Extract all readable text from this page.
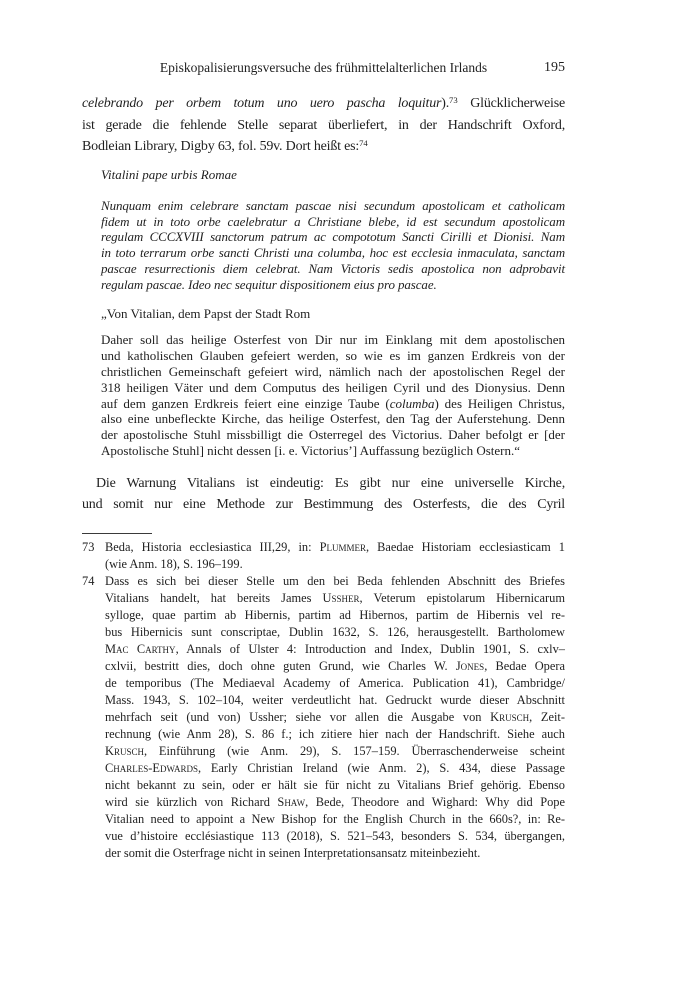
Episkopalisierungsversuche des frühmittelalterlichen Irlands	195
celebrando per orbem totum uno uero pascha loquitur).$^{73}$ Glücklicherweise
ist gerade die fehlende Stelle separat überliefert, in der Handschrift Oxford,
Bodleian Library, Digby 63, fol. 59v. Dort heißt es:$^{74}$
Vitalini pape urbis Romae
Nunquam enim celebrare sanctam pascae nisi secundum apostolicam et catholicam
fidem ut in toto orbe caelebratur a Christiane blebe, id est secundum apostolicam
regulam CCCXVIII sanctorum patrum ac compototum Sancti Cirilli et Dionisi. Nam
in toto terrarum orbe sancti Christi una columba, hoc est ecclesia inmaculata, sanctam
pascae resurrectionis diem celebrat. Nam Victoris sedis apostolica non adprobavit
regulam pascae. Ideo nec sequitur dispositionem eius pro pascae.
„Von Vitalian, dem Papst der Stadt Rom
Daher soll das heilige Osterfest von Dir nur im Einklang mit dem apostolischen
und katholischen Glauben gefeiert werden, so wie es im ganzen Erdkreis von der
christlichen Gemeinschaft gefeiert wird, nämlich nach der apostolischen Regel der
318 heiligen Väter und dem Computus des heiligen Cyril und des Dionysius. Denn
auf dem ganzen Erdkreis feiert eine einzige Taube (columba) des Heiligen Christus,
also eine unbefleckte Kirche, das heilige Osterfest, den Tag der Auferstehung. Denn
der apostolische Stuhl missbilligt die Osterregel des Victorius. Daher befolgt er [der
Apostolische Stuhl] nicht dessen [i. e. Victorius’] Auffassung bezüglich Ostern.“
Die Warnung Vitalians ist eindeutig: Es gibt nur eine universelle Kirche,
und somit nur eine Methode zur Bestimmung des Osterfests, die des Cyril
73 Beda, Historia ecclesiastica III,29, in: Plummer, Baedae Historiam ecclesiasticam 1
(wie Anm. 18), S. 196–199.
74 Dass es sich bei dieser Stelle um den bei Beda fehlenden Abschnitt des Briefes
Vitalians handelt, hat bereits James Ussher, Veterum epistolarum Hibernicarum
sylloge, quae partim ab Hibernis, partim ad Hibernos, partim de Hibernis vel re-
bus Hibernicis sunt conscriptae, Dublin 1632, S. 126, herausgestellt. Bartholomew
Mac Carthy, Annals of Ulster 4: Introduction and Index, Dublin 1901, S. cxlv–
cxlvii, bestritt dies, doch ohne guten Grund, wie Charles W. Jones, Bedae Opera
de temporibus (The Mediaeval Academy of America. Publication 41), Cambridge/
Mass. 1943, S. 102–104, weiter verdeutlicht hat. Gedruckt wurde dieser Abschnitt
mehrfach seit (und von) Ussher; siehe vor allen die Ausgabe von Krusch, Zeit-
rechnung (wie Anm 28), S. 86 f.; ich zitiere hier nach der Handschrift. Siehe auch
Krusch, Einführung (wie Anm. 29), S. 157–159. Überraschenderweise scheint
Charles-Edwards, Early Christian Ireland (wie Anm. 2), S. 434, diese Passage
nicht bekannt zu sein, oder er hält sie für nicht zu Vitalians Brief gehörig. Ebenso
wird sie kürzlich von Richard Shaw, Bede, Theodore and Wighard: Why did Pope
Vitalian need to appoint a New Bishop for the English Church in the 660s?, in: Re-
vue d’histoire ecclésiastique 113 (2018), S. 521–543, besonders S. 534, übergangen,
der somit die Osterfrage nicht in seinen Interpretationsansatz miteinbezieht.
